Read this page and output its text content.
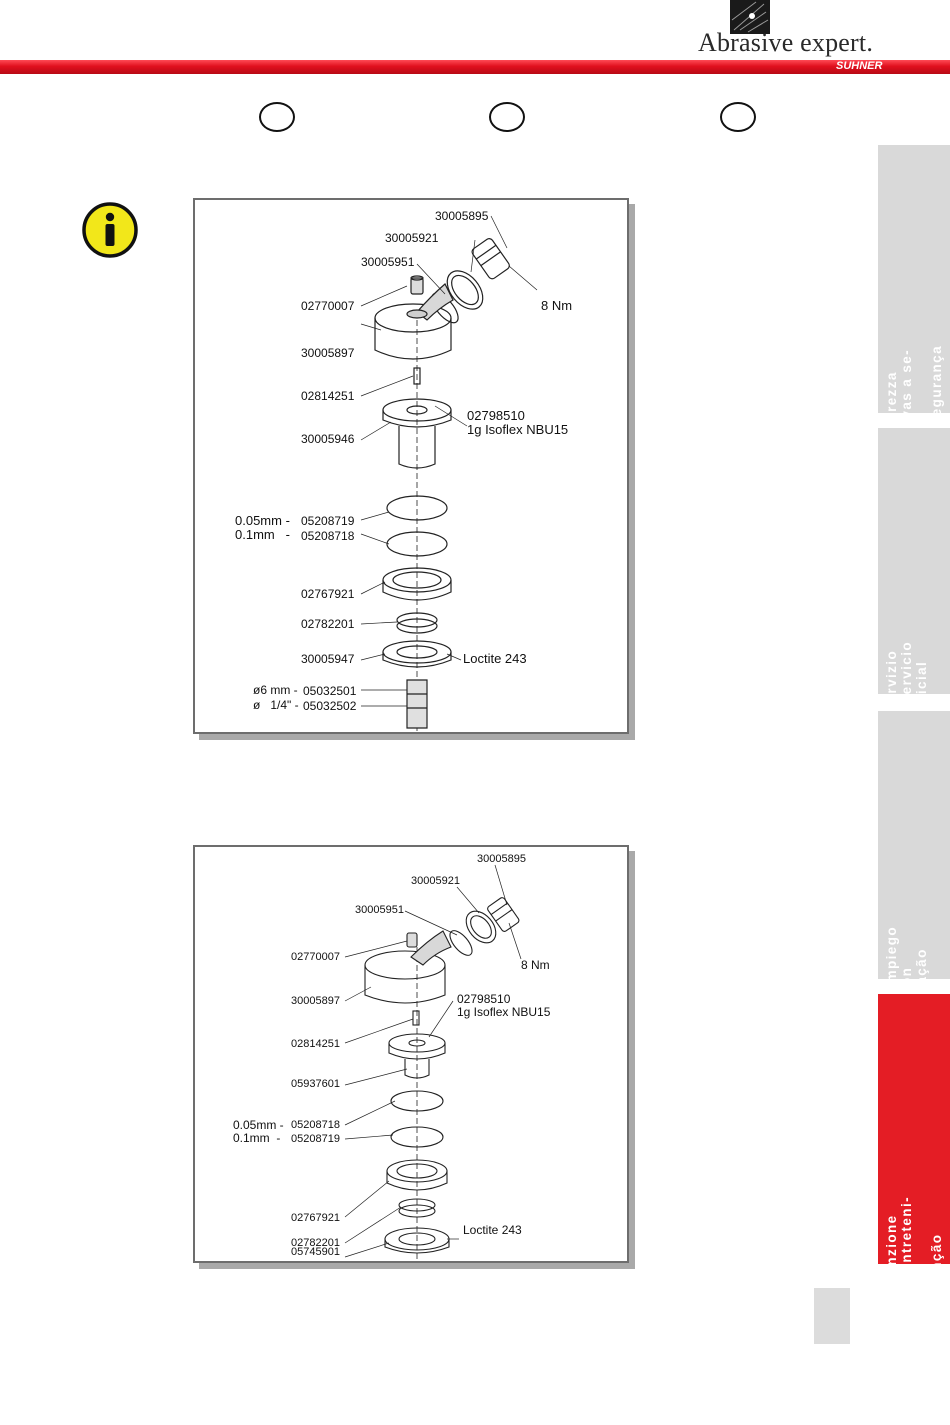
Abrasive expert.
SUHNER
30005895
30005921
30005951
8 Nm
02770007
30005897
02814251
02798510
1g Isoflex NBU15
30005946
0.05mm - 05208719
0.1mm   - 05208718
02767921
02782201
30005947	Loctite 243
ø6 mm - 05032501
ø   1/4" - 05032502
30005895
30005921
30005951
8 Nm
02770007
30005897	02798510
1g Isoflex NBU15
02814251
05937601
0.05mm - 05208718
0.1mm  - 05208719
02767921
02782201
Loctite 243
05745901	4.  Servizio / manutenzione 4.  Mantenimiento / entreteni- miento 4.  Serviço / Manutenção
